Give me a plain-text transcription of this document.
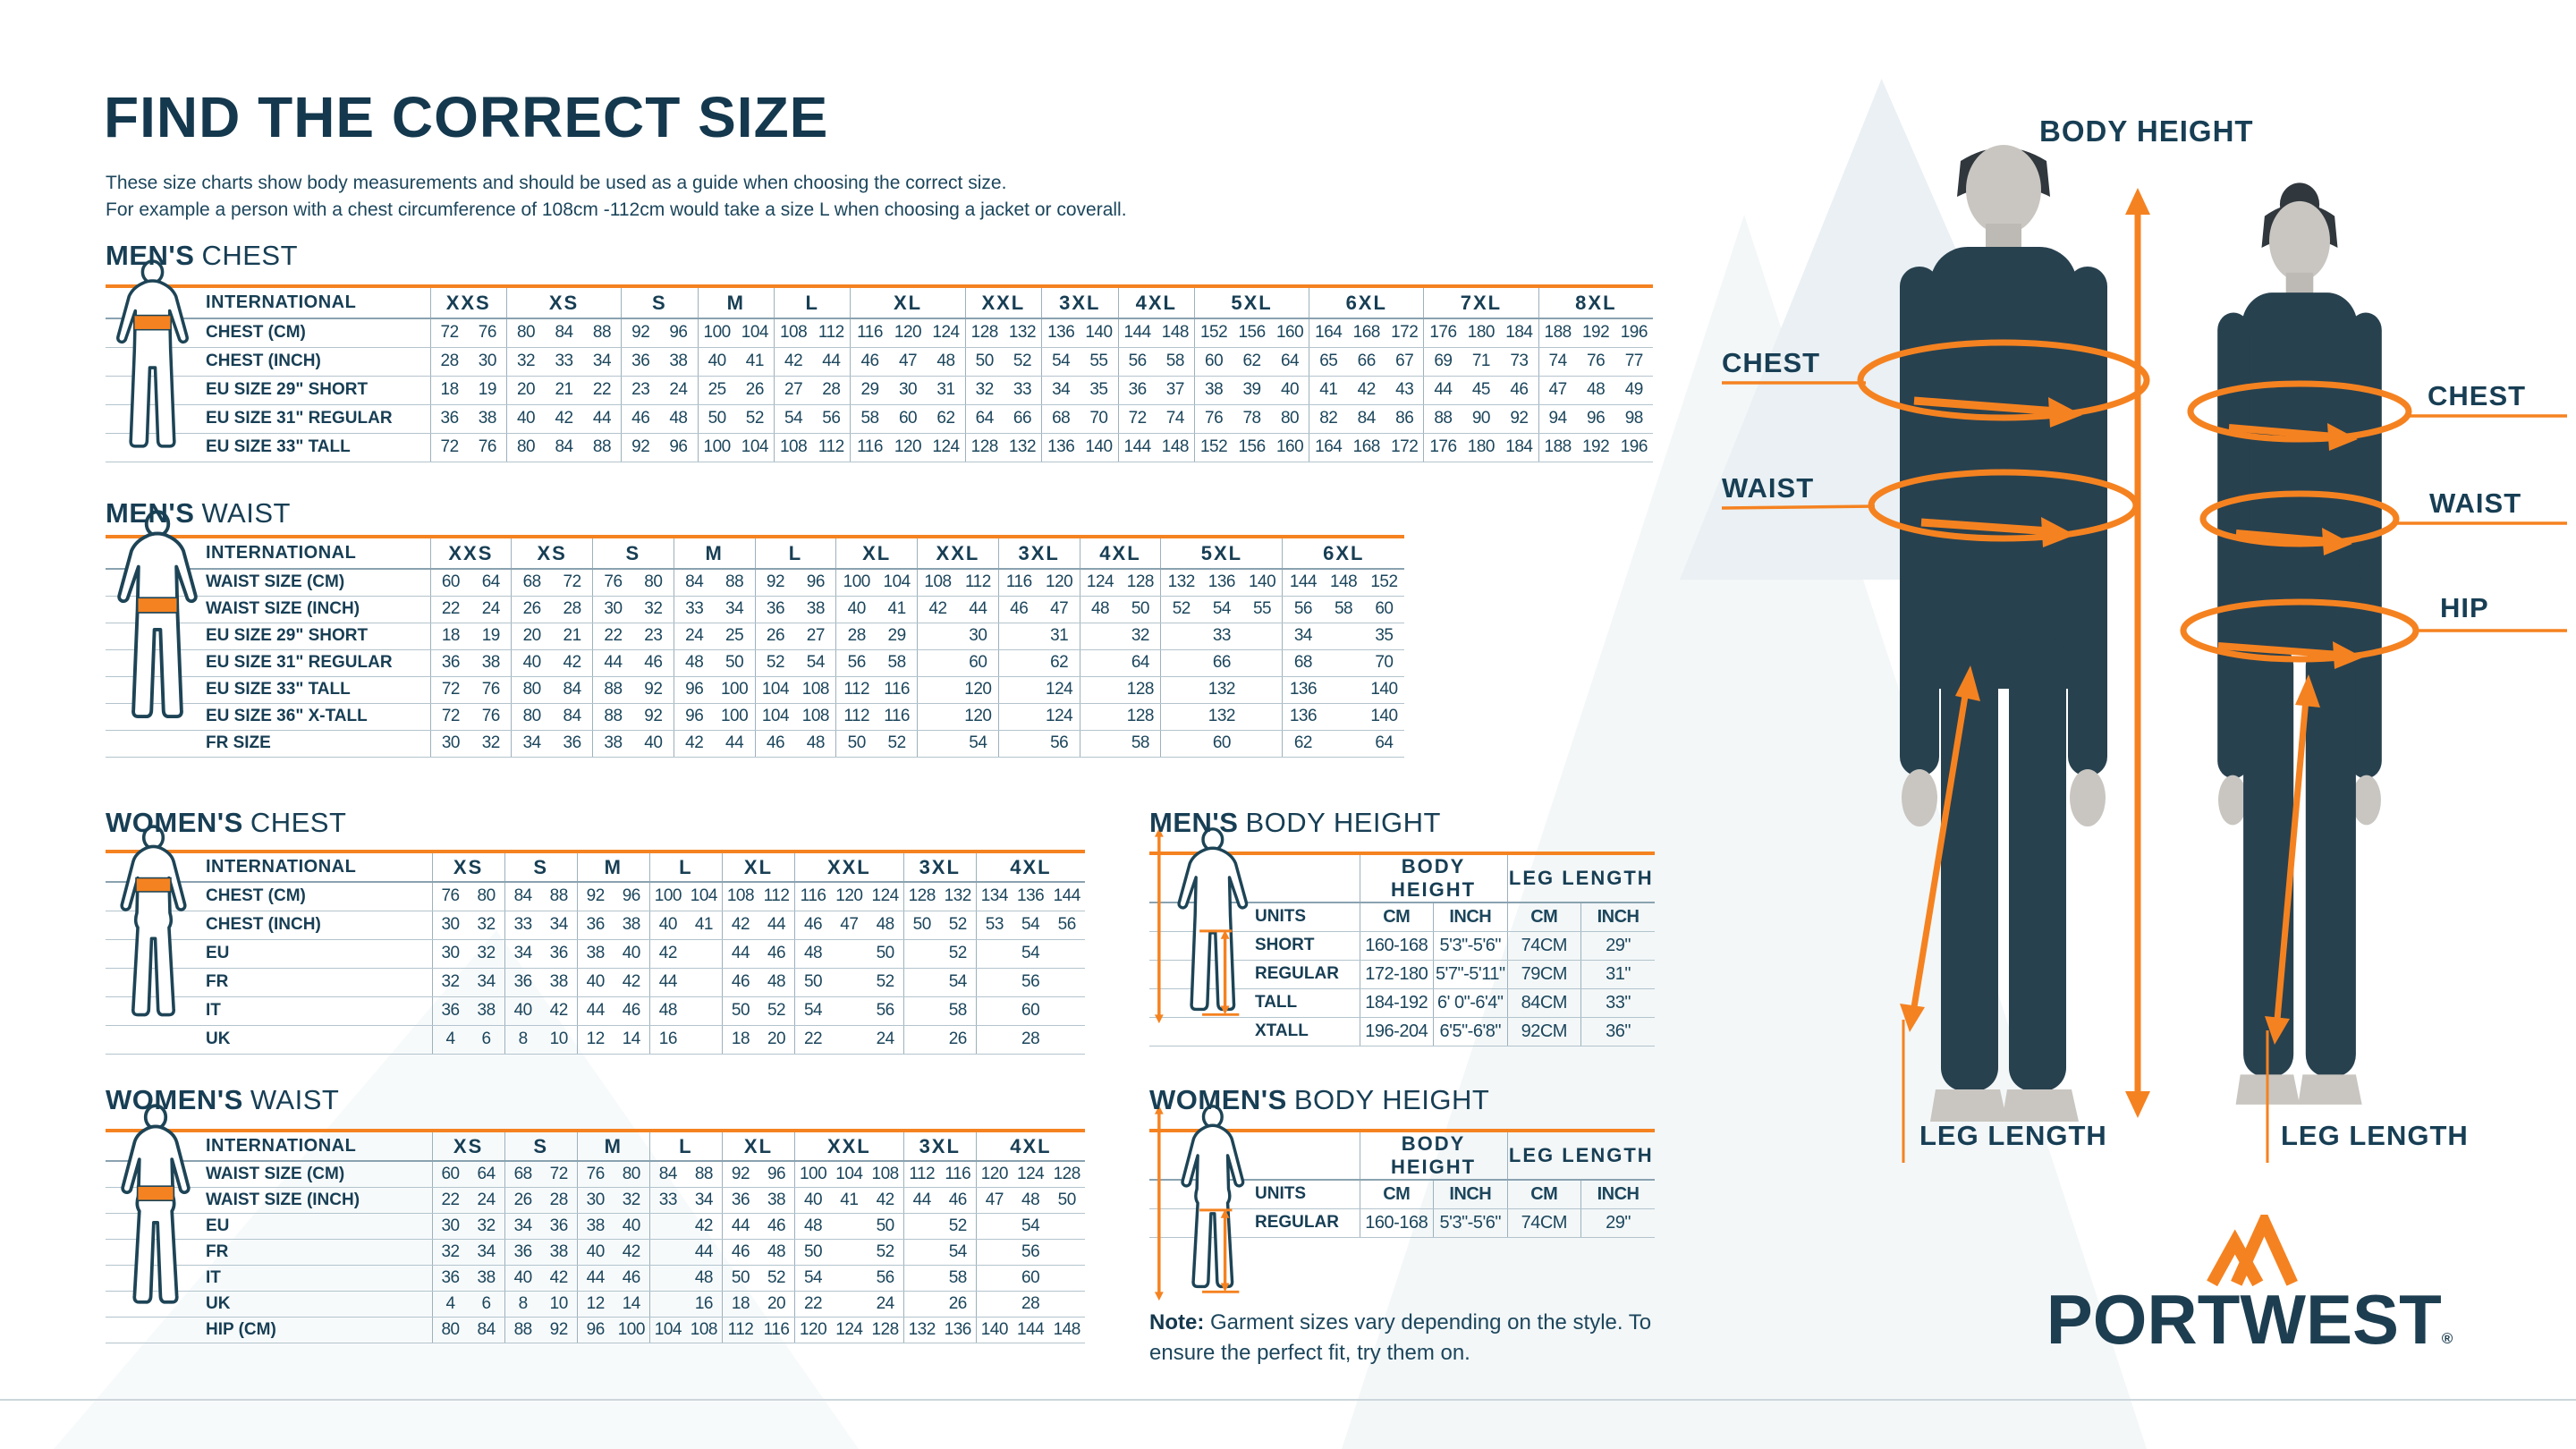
FIND THE CORRECT SIZE
These size charts show body measurements and should be used as a guide when choosing the correct size.
For example a person with a chest circumference of 108cm -112cm would take a size L when choosing a jacket or coverall.
MEN'S CHEST
INTERNATIONAL	XXS		XS			S		M		L		XL			XXL		3XL		4XL		5XL			6XL			7XL			8XL		
CHEST (CM)	72	76	80	84	88	92	96	100	104	108	112	116	120	124	128	132	136	140	144	148	152	156	160	164	168	172	176	180	184	188	192	196
CHEST (INCH)	28	30	32	33	34	36	38	40	41	42	44	46	47	48	50	52	54	55	56	58	60	62	64	65	66	67	69	71	73	74	76	77
EU SIZE 29" SHORT	18	19	20	21	22	23	24	25	26	27	28	29	30	31	32	33	34	35	36	37	38	39	40	41	42	43	44	45	46	47	48	49
EU SIZE 31" REGULAR	36	38	40	42	44	46	48	50	52	54	56	58	60	62	64	66	68	70	72	74	76	78	80	82	84	86	88	90	92	94	96	98
EU SIZE 33" TALL	72	76	80	84	88	92	96	100	104	108	112	116	120	124	128	132	136	140	144	148	152	156	160	164	168	172	176	180	184	188	192	196
MEN'S WAIST
INTERNATIONAL	XXS		XS		S		M		L		XL		XXL		3XL		4XL		5XL			6XL		
WAIST SIZE (CM)	60	64	68	72	76	80	84	88	92	96	100	104	108	112	116	120	124	128	132	136	140	144	148	152
WAIST SIZE (INCH)	22	24	26	28	30	32	33	34	36	38	40	41	42	44	46	47	48	50	52	54	55	56	58	60
EU SIZE 29" SHORT	18	19	20	21	22	23	24	25	26	27	28	29		30		31		32		33		34		35
EU SIZE 31" REGULAR	36	38	40	42	44	46	48	50	52	54	56	58		60		62		64		66		68		70
EU SIZE 33" TALL	72	76	80	84	88	92	96	100	104	108	112	116		120		124		128		132		136		140
EU SIZE 36" X-TALL	72	76	80	84	88	92	96	100	104	108	112	116		120		124		128		132		136		140
FR SIZE	30	32	34	36	38	40	42	44	46	48	50	52		54		56		58		60		62		64
WOMEN'S CHEST
INTERNATIONAL	XS		S		M		L		XL		XXL			3XL		4XL		
CHEST (CM)	76	80	84	88	92	96	100	104	108	112	116	120	124	128	132	134	136	144
CHEST (INCH)	30	32	33	34	36	38	40	41	42	44	46	47	48	50	52	53	54	56
EU	30	32	34	36	38	40	42		44	46	48		50		52		54	
FR	32	34	36	38	40	42	44		46	48	50		52		54		56	
IT	36	38	40	42	44	46	48		50	52	54		56		58		60	
UK	4	6	8	10	12	14	16		18	20	22		24		26		28	
WOMEN'S WAIST
INTERNATIONAL	XS		S		M		L		XL		XXL			3XL		4XL		
WAIST SIZE (CM)	60	64	68	72	76	80	84	88	92	96	100	104	108	112	116	120	124	128
WAIST SIZE (INCH)	22	24	26	28	30	32	33	34	36	38	40	41	42	44	46	47	48	50
EU	30	32	34	36	38	40		42	44	46	48		50		52		54	
FR	32	34	36	38	40	42		44	46	48	50		52		54		56	
IT	36	38	40	42	44	46		48	50	52	54		56		58		60	
UK	4	6	8	10	12	14		16	18	20	22		24		26		28	
HIP (CM)	80	84	88	92	96	100	104	108	112	116	120	124	128	132	136	140	144	148
MEN'S BODY HEIGHT
	BODY HEIGHT		LEG LENGTH	
UNITS	CM	INCH	CM	INCH
SHORT	160-168	5'3"-5'6"	74CM	29"
REGULAR	172-180	5'7"-5'11"	79CM	31"
TALL	184-192	6' 0"-6'4"	84CM	33"
XTALL	196-204	6'5"-6'8"	92CM	36"
WOMEN'S BODY HEIGHT
	BODY HEIGHT		LEG LENGTH	
UNITS	CM	INCH	CM	INCH
REGULAR	160-168	5'3"-5'6"	74CM	29"
BODY HEIGHT
CHEST
WAIST
CHEST
WAIST
HIP
LEG LENGTH	LEG LENGTH
Note: Garment sizes vary depending on the style. To ensure the perfect fit, try them on.	PORTWEST®
